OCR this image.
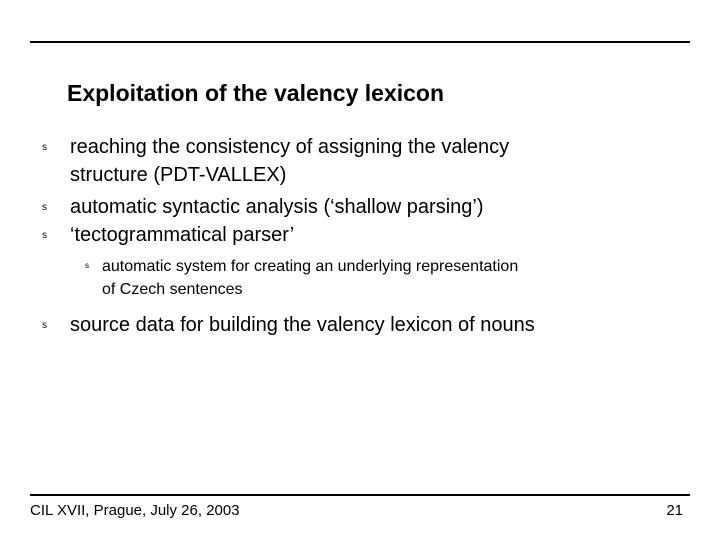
Exploitation of the valency lexicon
s reaching the consistency of assigning the valency
structure (PDT-VALLEX)
s automatic syntactic analysis (‘shallow parsing’)
s ‘tectogrammatical parser’
s automatic system for creating an underlying representation
of Czech sentences
s source data for building the valency lexicon of nouns
CIL XVII, Prague, July 26, 2003	21
